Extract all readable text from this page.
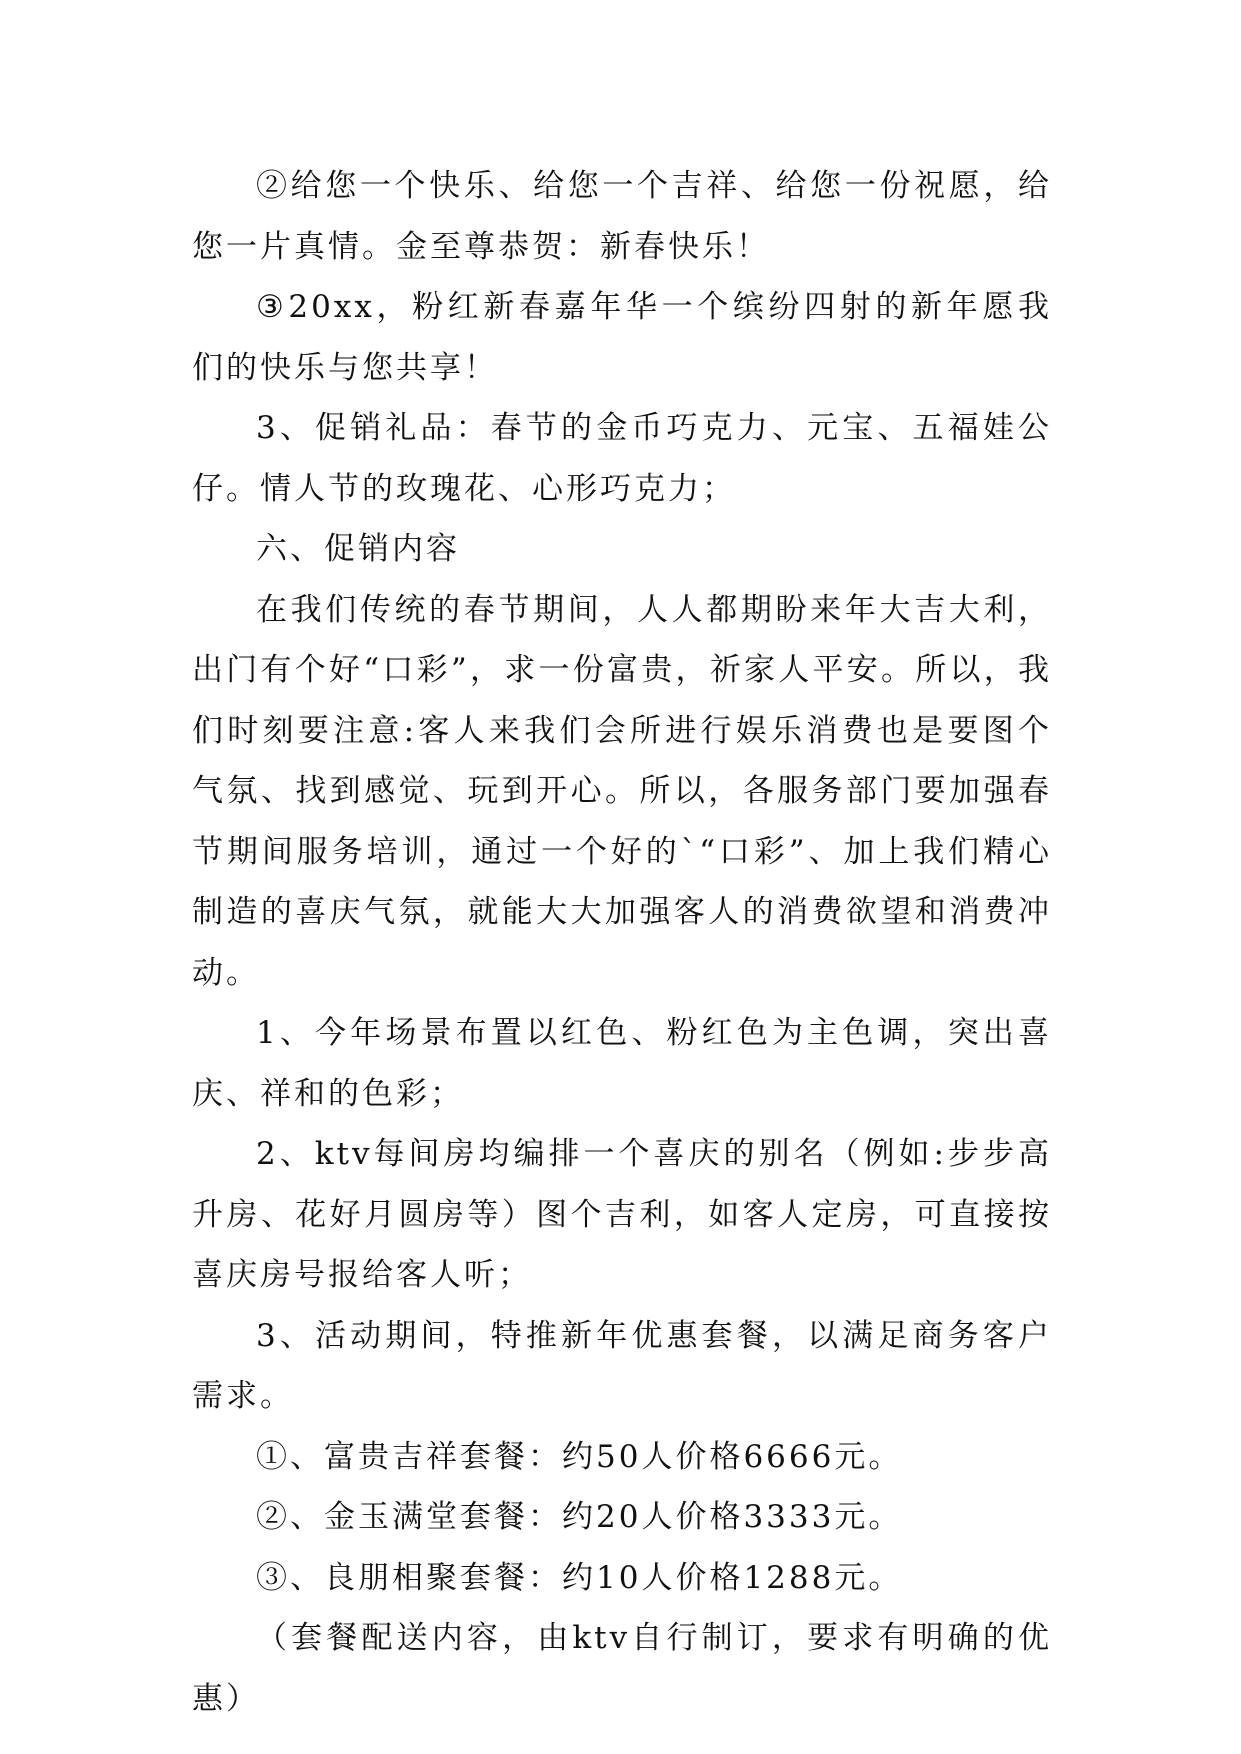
②给您一个快乐、给您一个吉祥、给您一份祝愿，给您一片真情。金至尊恭贺：新春快乐！

③20xx，粉红新春嘉年华一个缤纷四射的新年愿我们的快乐与您共享！

3、促销礼品：春节的金币巧克力、元宝、五福娃公仔。情人节的玫瑰花、心形巧克力；

六、促销内容

在我们传统的春节期间，人人都期盼来年大吉大利，出门有个好“口彩”，求一份富贵，祈家人平安。所以，我们时刻要注意:客人来我们会所进行娱乐消费也是要图个气氛、找到感觉、玩到开心。所以，各服务部门要加强春节期间服务培训，通过一个好的`“口彩”、加上我们精心制造的喜庆气氛，就能大大加强客人的消费欲望和消费冲动。

1、今年场景布置以红色、粉红色为主色调，突出喜庆、祥和的色彩；

2、ktv每间房均编排一个喜庆的别名（例如:步步高升房、花好月圆房等）图个吉利，如客人定房，可直接按喜庆房号报给客人听；

3、活动期间，特推新年优惠套餐，以满足商务客户需求。

①、富贵吉祥套餐：约50人价格6666元。

②、金玉满堂套餐：约20人价格3333元。

③、良朋相聚套餐：约10人价格1288元。

（套餐配送内容，由ktv自行制订，要求有明确的优惠）
